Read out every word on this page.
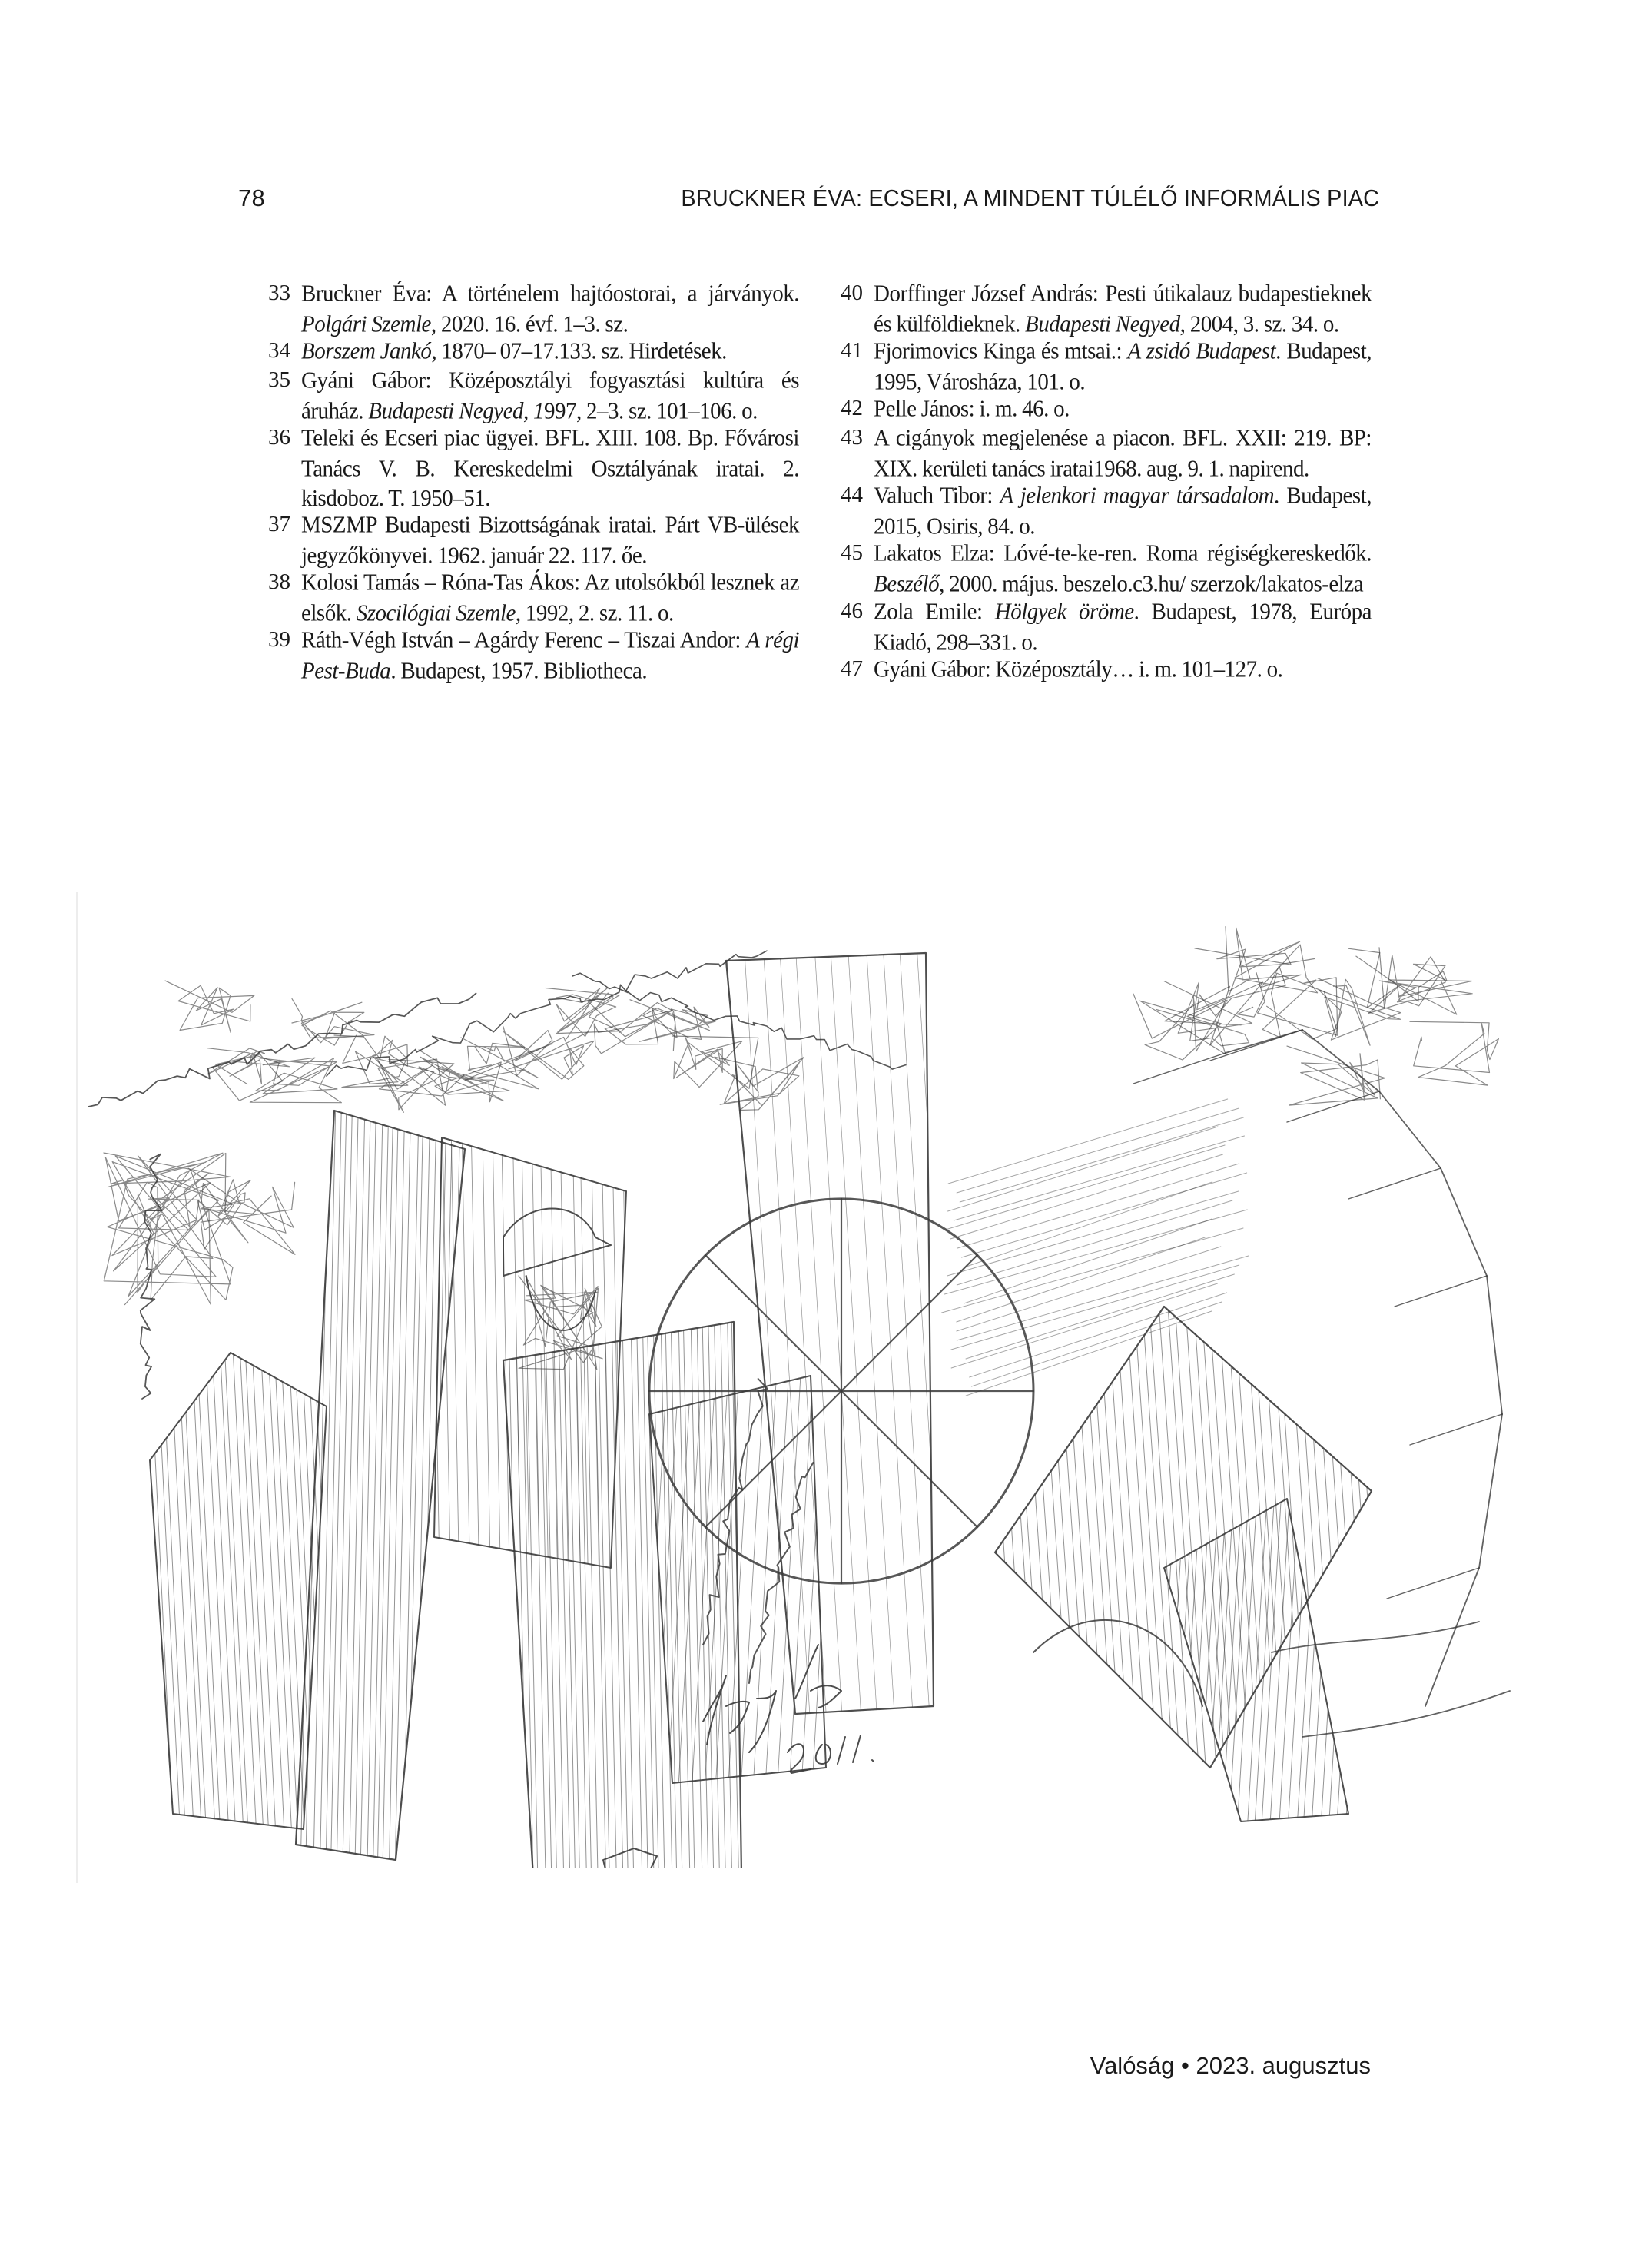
78	BRUCKNER ÉVA: ECSERI, A MINDENT TÚLÉLŐ INFORMÁLIS PIAC
33 Bruckner Éva: A történelem hajtóostorai, a járványok. Polgári Szemle, 2020. 16. évf. 1–3. sz.
34 Borszem Jankó, 1870– 07–17.133. sz. Hirdetések.
35 Gyáni Gábor: Középosztályi fogyasztási kultúra és áruház. Budapesti Negyed, 1997, 2–3. sz. 101–106. o.
36 Teleki és Ecseri piac ügyei. BFL. XIII. 108. Bp. Fővárosi Tanács V. B. Kereskedelmi Osztályának iratai. 2. kisdoboz. T. 1950–51.
37 MSZMP Budapesti Bizottságának iratai. Párt VB-ülések jegyzőkönyvei. 1962. január 22. 117. őe.
38 Kolosi Tamás – Róna-Tas Ákos: Az utolsókból lesznek az elsők. Szocilógiai Szemle, 1992, 2. sz. 11. o.
39 Ráth-Végh István – Agárdy Ferenc – Tiszai Andor: A régi Pest-Buda. Budapest, 1957. Bibliotheca.
40 Dorffinger József András: Pesti útikalauz budapestieknek és külföldieknek. Budapesti Negyed, 2004, 3. sz. 34. o.
41 Fjorimovics Kinga és mtsai.: A zsidó Budapest. Budapest, 1995, Városháza, 101. o.
42 Pelle János: i. m. 46. o.
43 A cigányok megjelenése a piacon. BFL. XXII: 219. BP: XIX. kerületi tanács iratai1968. aug. 9. 1. napirend.
44 Valuch Tibor: A jelenkori magyar társadalom. Budapest, 2015, Osiris, 84. o.
45 Lakatos Elza: Lóvé-te-ke-ren. Roma régiségkereskedők. Beszélő, 2000. május. beszelo.c3.hu/ szerzok/lakatos-elza
46 Zola Emile: Hölgyek öröme. Budapest, 1978, Európa Kiadó, 298–331. o.
47 Gyáni Gábor: Középosztály… i. m. 101–127. o.
Valóság • 2023. augusztus
